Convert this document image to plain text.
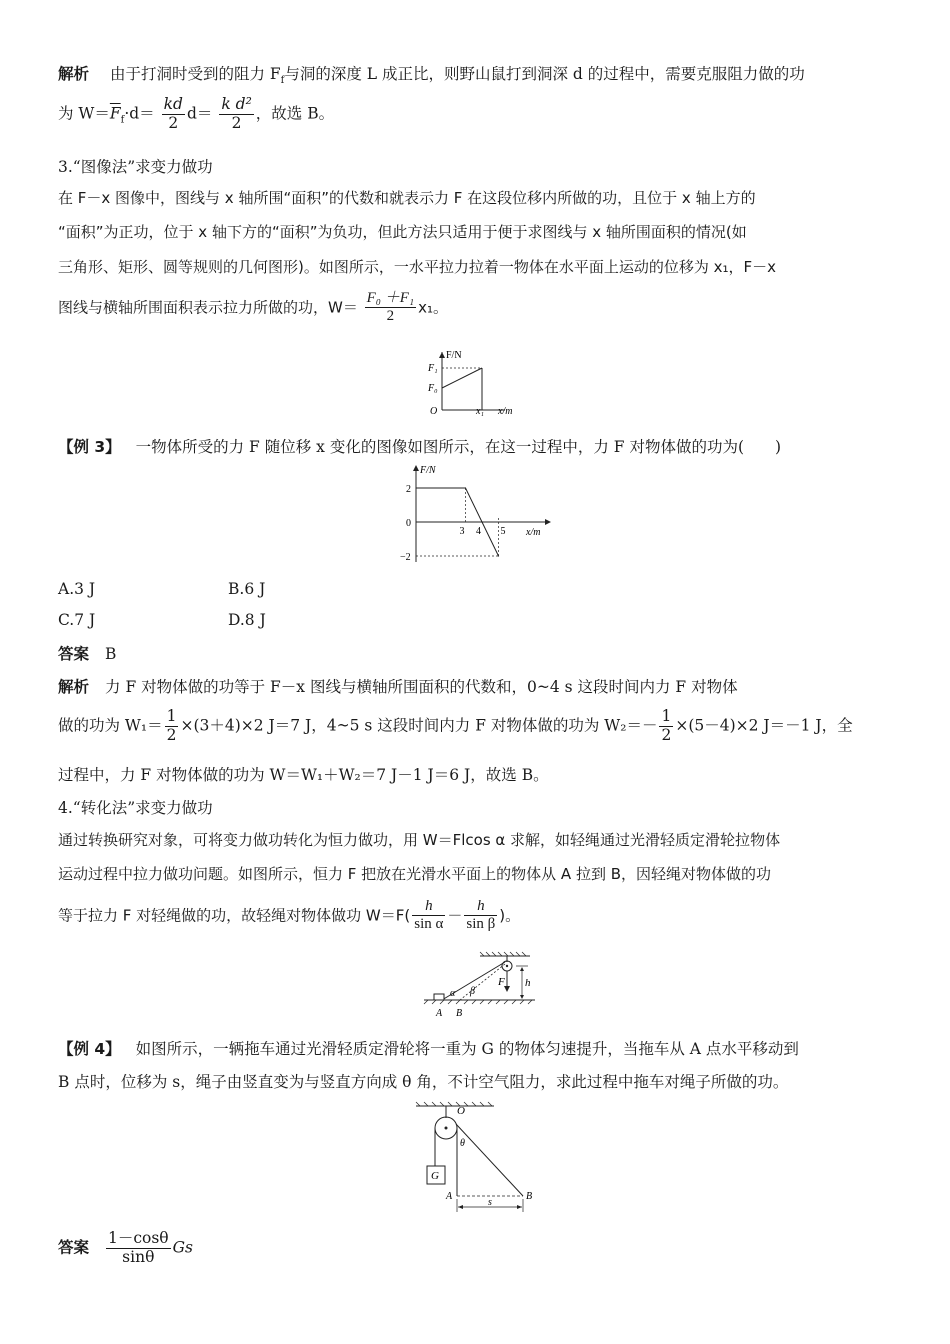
解析 由于打洞时受到的阻力 $F_f$与洞的深度 L 成正比，则野山鼠打到洞深 d 的过程中，需要克服阻力做的功
为 $W=\overline{F}_f\cdot d= \frac{kd}{2} d= \frac{\text{k d²}}{2}$ ，故选 B。
3.“图像法”求变力做功
在 F－x 图像中，图线与 x 轴所围“面积”的代数和就表示力 F 在这段位移内所做的功，且位于 x 轴上方的
“面积”为正功，位于 x 轴下方的“面积”为负功，但此方法只适用于便于求图线与 x 轴所围面积的情况(如
三角形、矩形、圆等规则的几何图形)。如图所示，一水平拉力拉着一物体在水平面上运动的位移为 x₁，F－x
图线与横轴所围面积表示拉力所做的功，$W= \frac{\text{F₀ ＋F₁}}{2} x_1$。
F/N
F₁
F₀
O	x₁ x/m
【例 3】 一物体所受的力 F 随位移 x 变化的图像如图所示，在这一过程中，力 F 对物体做的功为(　　)
3 4 5
2
0
−2
F/N
x/m
A.3 J	B.6 J
C.7 J	D.8 J
答案 B
解析 力 F 对物体做的功等于 F－x 图线与横轴所围面积的代数和，0~4 s 这段时间内力 F 对物体
做的功为 $W_1= \frac{1}{2} \times(3+4)\times 2$ J＝7 J，4~5 s 这段时间内力 F 对物体做的功为 $W_2=- \frac{1}{2} \times(5-4)\times 2$ J＝－1 J，全
过程中，力 F 对物体做的功为 W＝W₁＋W₂＝7 J－1 J＝6 J，故选 B。
4.“转化法”求变力做功
通过转换研究对象，可将变力做功转化为恒力做功，用 W＝Flcos α 求解，如轻绳通过光滑轻质定滑轮拉物体
运动过程中拉力做功问题。如图所示，恒力 F 把放在光滑水平面上的物体从 A 拉到 B，因轻绳对物体做的功
等于拉力 F 对轻绳做的功，故轻绳对物体做功 $W=F( \frac{h}{\text{sin α}} - \frac{h}{\text{sin β}}$ )。
F h
α β
A B
【例 4】 如图所示，一辆拖车通过光滑轻质定滑轮将一重为 G 的物体匀速提升，当拖车从 A 点水平移动到
B 点时，位移为 s，绳子由竖直变为与竖直方向成 θ 角，不计空气阻力，求此过程中拖车对绳子所做的功。
O
θ
G
A	B
s
答案 $\frac{1-\cos\theta}{\sin\theta}$ Gs
